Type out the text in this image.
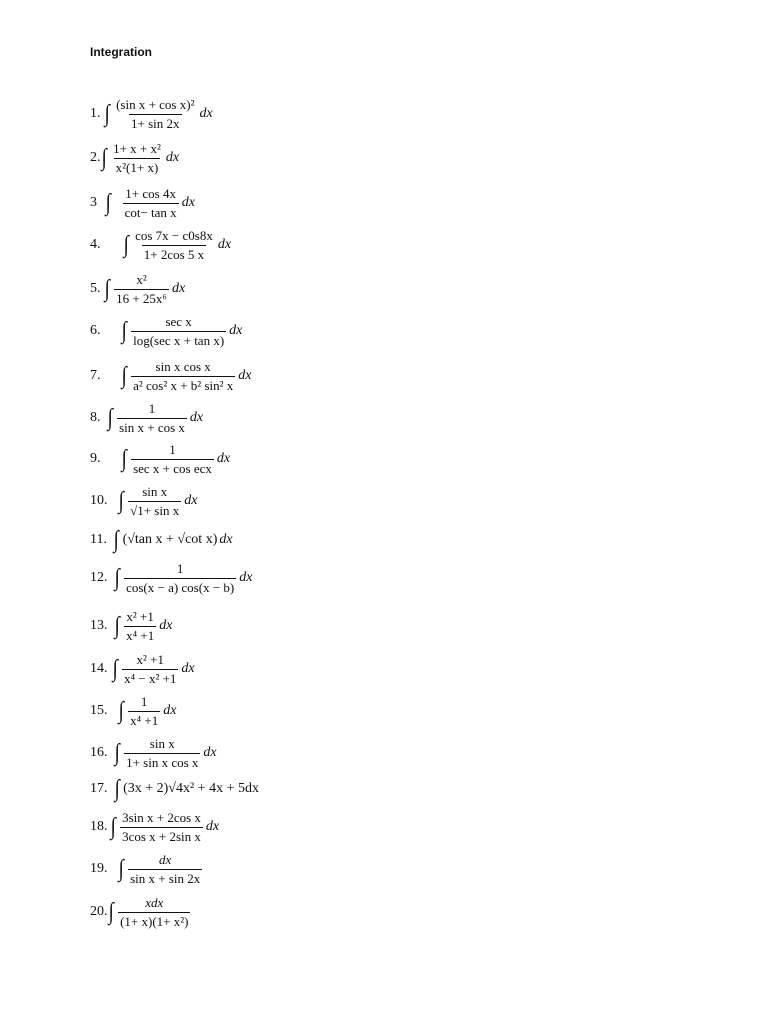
Integration
1. ∫ $\frac{\text{(sin x + cos x)²}}{1+ \sin 2x}$ dx
2. ∫ $\frac{\text{1+ x + x²}}{\text{x²(1+ x)}}$ dx
3 ∫ $\frac{1+ \cos 4x}{\text{cot− tan x}}$ dx
4. ∫ $\frac{\cos 7x - c0s8x}{1+ 2\cos 5 x}$ dx
5. ∫ $\frac{\text{x²}}{\text{16 + 25x⁶}}$ dx
6. ∫ $\frac{\text{sec x}}{\text{log(sec x + tan x)}}$ dx
7. ∫ $\frac{\text{sin x cos x}}{\text{a² cos² x + b² sin² x}}$ dx
8. ∫ $\frac{1}{\text{sin x + cos x}}$ dx
9. ∫ $\frac{1}{\text{sec x + cos ecx}}$ dx
10. ∫ $\frac{\text{sin x}}{\text{√1+ sin x}}$ dx
11. ∫ (√tan x + √cot x) dx
12. ∫ $\frac{1}{\cos(x - a) \cos(x - b)}$ dx
13. ∫ $\frac{\text{x² +1}}{\text{x⁴ +1}}$ dx
14. ∫ $\frac{\text{x² +1}}{\text{x⁴ − x² +1}}$ dx
15. ∫ $\frac{1}{\text{x⁴ +1}}$ dx
16. ∫ $\frac{\text{sin x}}{\text{1+ sin x cos x}}$ dx
17. ∫ (3x + 2)√4x² + 4x + 5dx
18. ∫ $\frac{\text{3sin x + 2cos x}}{\text{3cos x + 2sin x}}$ dx
19. ∫ $\frac{dx}{\text{sin x + sin 2x}}$
20. ∫ $\frac{\text{xdx}}{\text{(1+ x)(1+ x²)}}$
